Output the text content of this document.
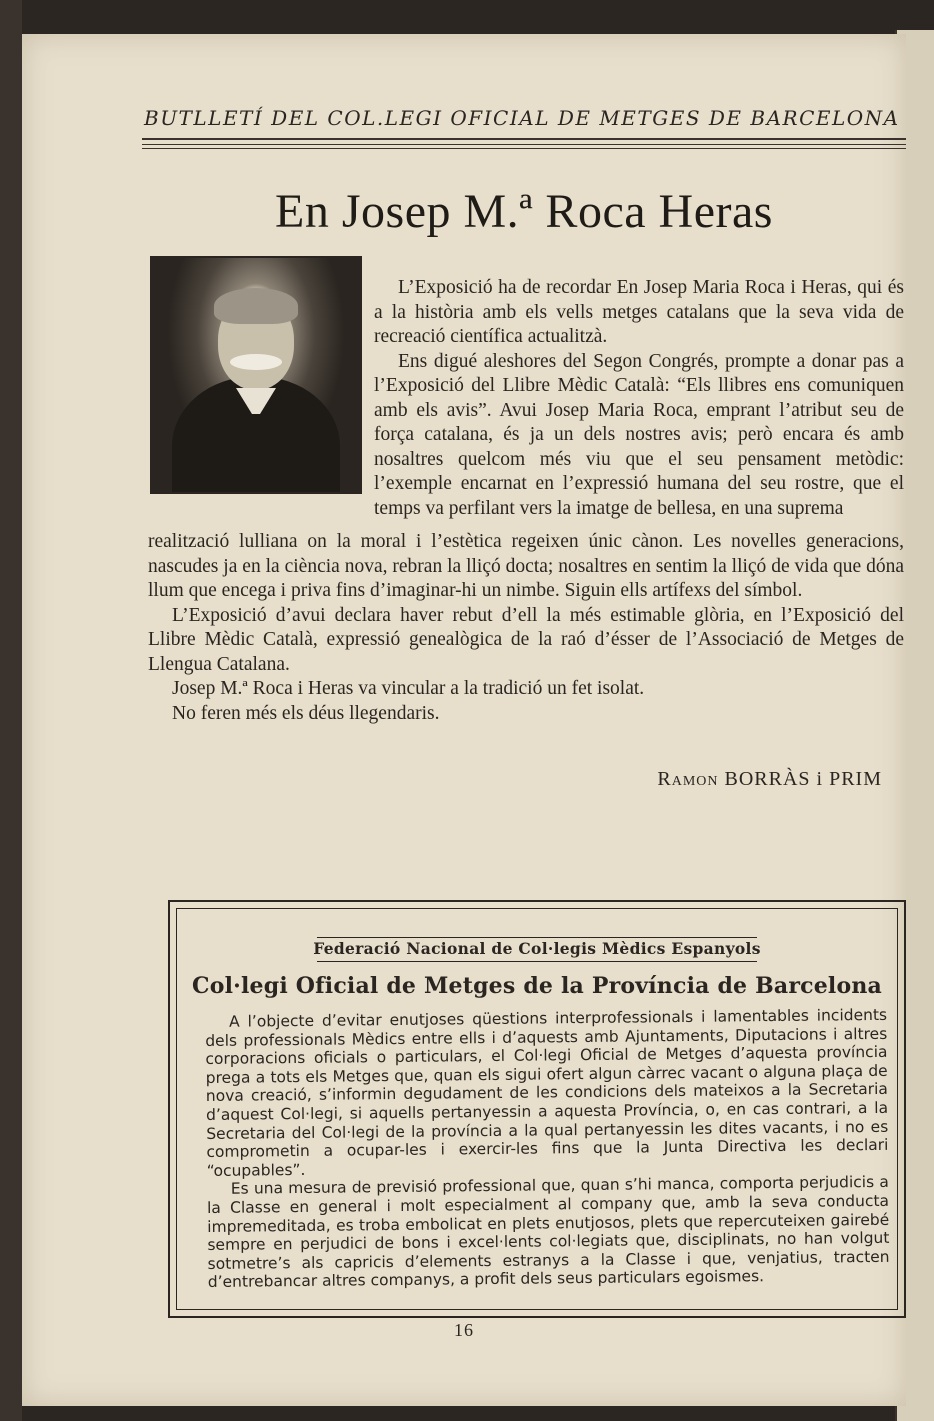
BUTLLETÍ DEL COL.LEGI OFICIAL DE METGES DE BARCELONA
En Josep M.ª Roca Heras

L’Exposició ha de recordar En Josep Maria Roca i Heras, qui és a la història amb els vells metges catalans que la seva vida de recreació científica actualitzà.

Ens digué aleshores del Segon Congrés, prompte a donar pas a l’Exposició del Llibre Mèdic Català: “Els llibres ens comuniquen amb els avis”. Avui Josep Maria Roca, emprant l’atribut seu de força catalana, és ja un dels nostres avis; però encara és amb nosaltres quelcom més viu que el seu pensament metòdic: l’exemple encarnat en l’expressió humana del seu rostre, que el temps va perfilant vers la imatge de bellesa, en una suprema

realització lulliana on la moral i l’estètica regeixen únic cànon. Les novelles generacions, nascudes ja en la ciència nova, rebran la lliçó docta; nosaltres en sentim la lliçó de vida que dóna llum que encega i priva fins d’imaginar-hi un nimbe. Siguin ells artífexs del símbol.

L’Exposició d’avui declara haver rebut d’ell la més estimable glòria, en l’Exposició del Llibre Mèdic Català, expressió genealògica de la raó d’ésser de l’Associació de Metges de Llengua Catalana.

Josep M.ª Roca i Heras va vincular a la tradició un fet isolat.

No feren més els déus llegendaris.

Ramon BORRÀS i PRIM
Federació Nacional de Col·legis Mèdics Espanyols
Col·legi Oficial de Metges de la Província de Barcelona

A l’objecte d’evitar enutjoses qüestions interprofessionals i lamentables incidents dels professionals Mèdics entre ells i d’aquests amb Ajuntaments, Diputacions i altres corporacions oficials o particulars, el Col·legi Oficial de Metges d’aquesta província prega a tots els Metges que, quan els sigui ofert algun càrrec vacant o alguna plaça de nova creació, s’informin degudament de les condicions dels mateixos a la Secretaria d’aquest Col·legi, si aquells pertanyessin a aquesta Província, o, en cas contrari, a la Secretaria del Col·legi de la província a la qual pertanyessin les dites vacants, i no es comprometin a ocupar-les i exercir-les fins que la Junta Directiva les declari “ocupables”.

Es una mesura de previsió professional que, quan s’hi manca, comporta perjudicis a la Classe en general i molt especialment al company que, amb la seva conducta impremeditada, es troba embolicat en plets enutjosos, plets que repercuteixen gairebé sempre en perjudici de bons i excel·lents col·legiats que, disciplinats, no han volgut sotmetre’s als capricis d’elements estranys a la Classe i que, venjatius, tracten d’entrebancar altres companys, a profit dels seus particulars egoismes.

16
